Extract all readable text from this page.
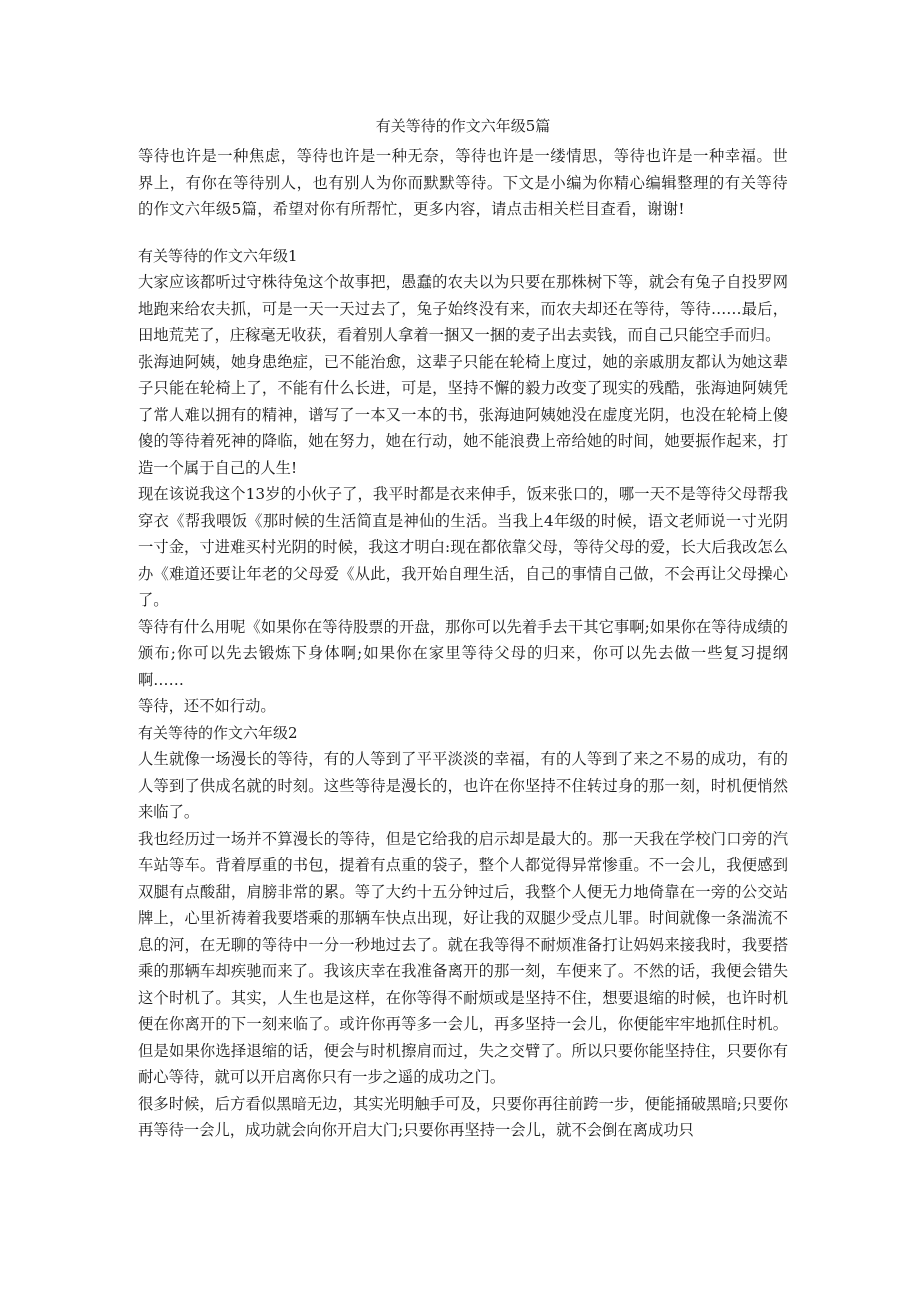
有关等待的作文六年级5篇

等待也许是一种焦虑，等待也许是一种无奈，等待也许是一缕情思，等待也许是一种幸福。世界上，有你在等待别人，也有别人为你而默默等待。下文是小编为你精心编辑整理的有关等待的作文六年级5篇，希望对你有所帮忙，更多内容，请点击相关栏目查看，谢谢!

有关等待的作文六年级1

大家应该都听过守株待兔这个故事把，愚蠢的农夫以为只要在那株树下等，就会有兔子自投罗网地跑来给农夫抓，可是一天一天过去了，兔子始终没有来，而农夫却还在等待，等待……最后，田地荒芜了，庄稼毫无收获，看着别人拿着一捆又一捆的麦子出去卖钱，而自己只能空手而归。

张海迪阿姨，她身患绝症，已不能治愈，这辈子只能在轮椅上度过，她的亲戚朋友都认为她这辈子只能在轮椅上了，不能有什么长进，可是，坚持不懈的毅力改变了现实的残酷，张海迪阿姨凭了常人难以拥有的精神，谱写了一本又一本的书，张海迪阿姨她没在虚度光阴，也没在轮椅上傻傻的等待着死神的降临，她在努力，她在行动，她不能浪费上帝给她的时间，她要振作起来，打造一个属于自己的人生!

现在该说我这个13岁的小伙子了，我平时都是衣来伸手，饭来张口的，哪一天不是等待父母帮我穿衣《帮我喂饭《那时候的生活简直是神仙的生活。当我上4年级的时候，语文老师说一寸光阴一寸金，寸进难买村光阴的时候，我这才明白:现在都依靠父母，等待父母的爱，长大后我改怎么办《难道还要让年老的父母爱《从此，我开始自理生活，自己的事情自己做，不会再让父母操心了。

等待有什么用呢《如果你在等待股票的开盘，那你可以先着手去干其它事啊;如果你在等待成绩的颁布;你可以先去锻炼下身体啊;如果你在家里等待父母的归来，你可以先去做一些复习提纲啊……

等待，还不如行动。

有关等待的作文六年级2

人生就像一场漫长的等待，有的人等到了平平淡淡的幸福，有的人等到了来之不易的成功，有的人等到了供成名就的时刻。这些等待是漫长的，也许在你坚持不住转过身的那一刻，时机便悄然来临了。

我也经历过一场并不算漫长的等待，但是它给我的启示却是最大的。那一天我在学校门口旁的汽车站等车。背着厚重的书包，提着有点重的袋子，整个人都觉得异常惨重。不一会儿，我便感到双腿有点酸甜，肩膀非常的累。等了大约十五分钟过后，我整个人便无力地倚靠在一旁的公交站牌上，心里祈祷着我要塔乘的那辆车快点出现，好让我的双腿少受点儿罪。时间就像一条湍流不息的河，在无聊的等待中一分一秒地过去了。就在我等得不耐烦准备打让妈妈来接我时，我要搭乘的那辆车却疾驰而来了。我该庆幸在我准备离开的那一刻，车便来了。不然的话，我便会错失这个时机了。其实，人生也是这样，在你等得不耐烦或是坚持不住，想要退缩的时候，也许时机便在你离开的下一刻来临了。或许你再等多一会儿，再多坚持一会儿，你便能牢牢地抓住时机。但是如果你选择退缩的话，便会与时机擦肩而过，失之交臂了。所以只要你能坚持住，只要你有耐心等待，就可以开启离你只有一步之遥的成功之门。

很多时候，后方看似黑暗无边，其实光明触手可及，只要你再往前跨一步，便能捅破黑暗;只要你再等待一会儿，成功就会向你开启大门;只要你再坚持一会儿，就不会倒在离成功只
